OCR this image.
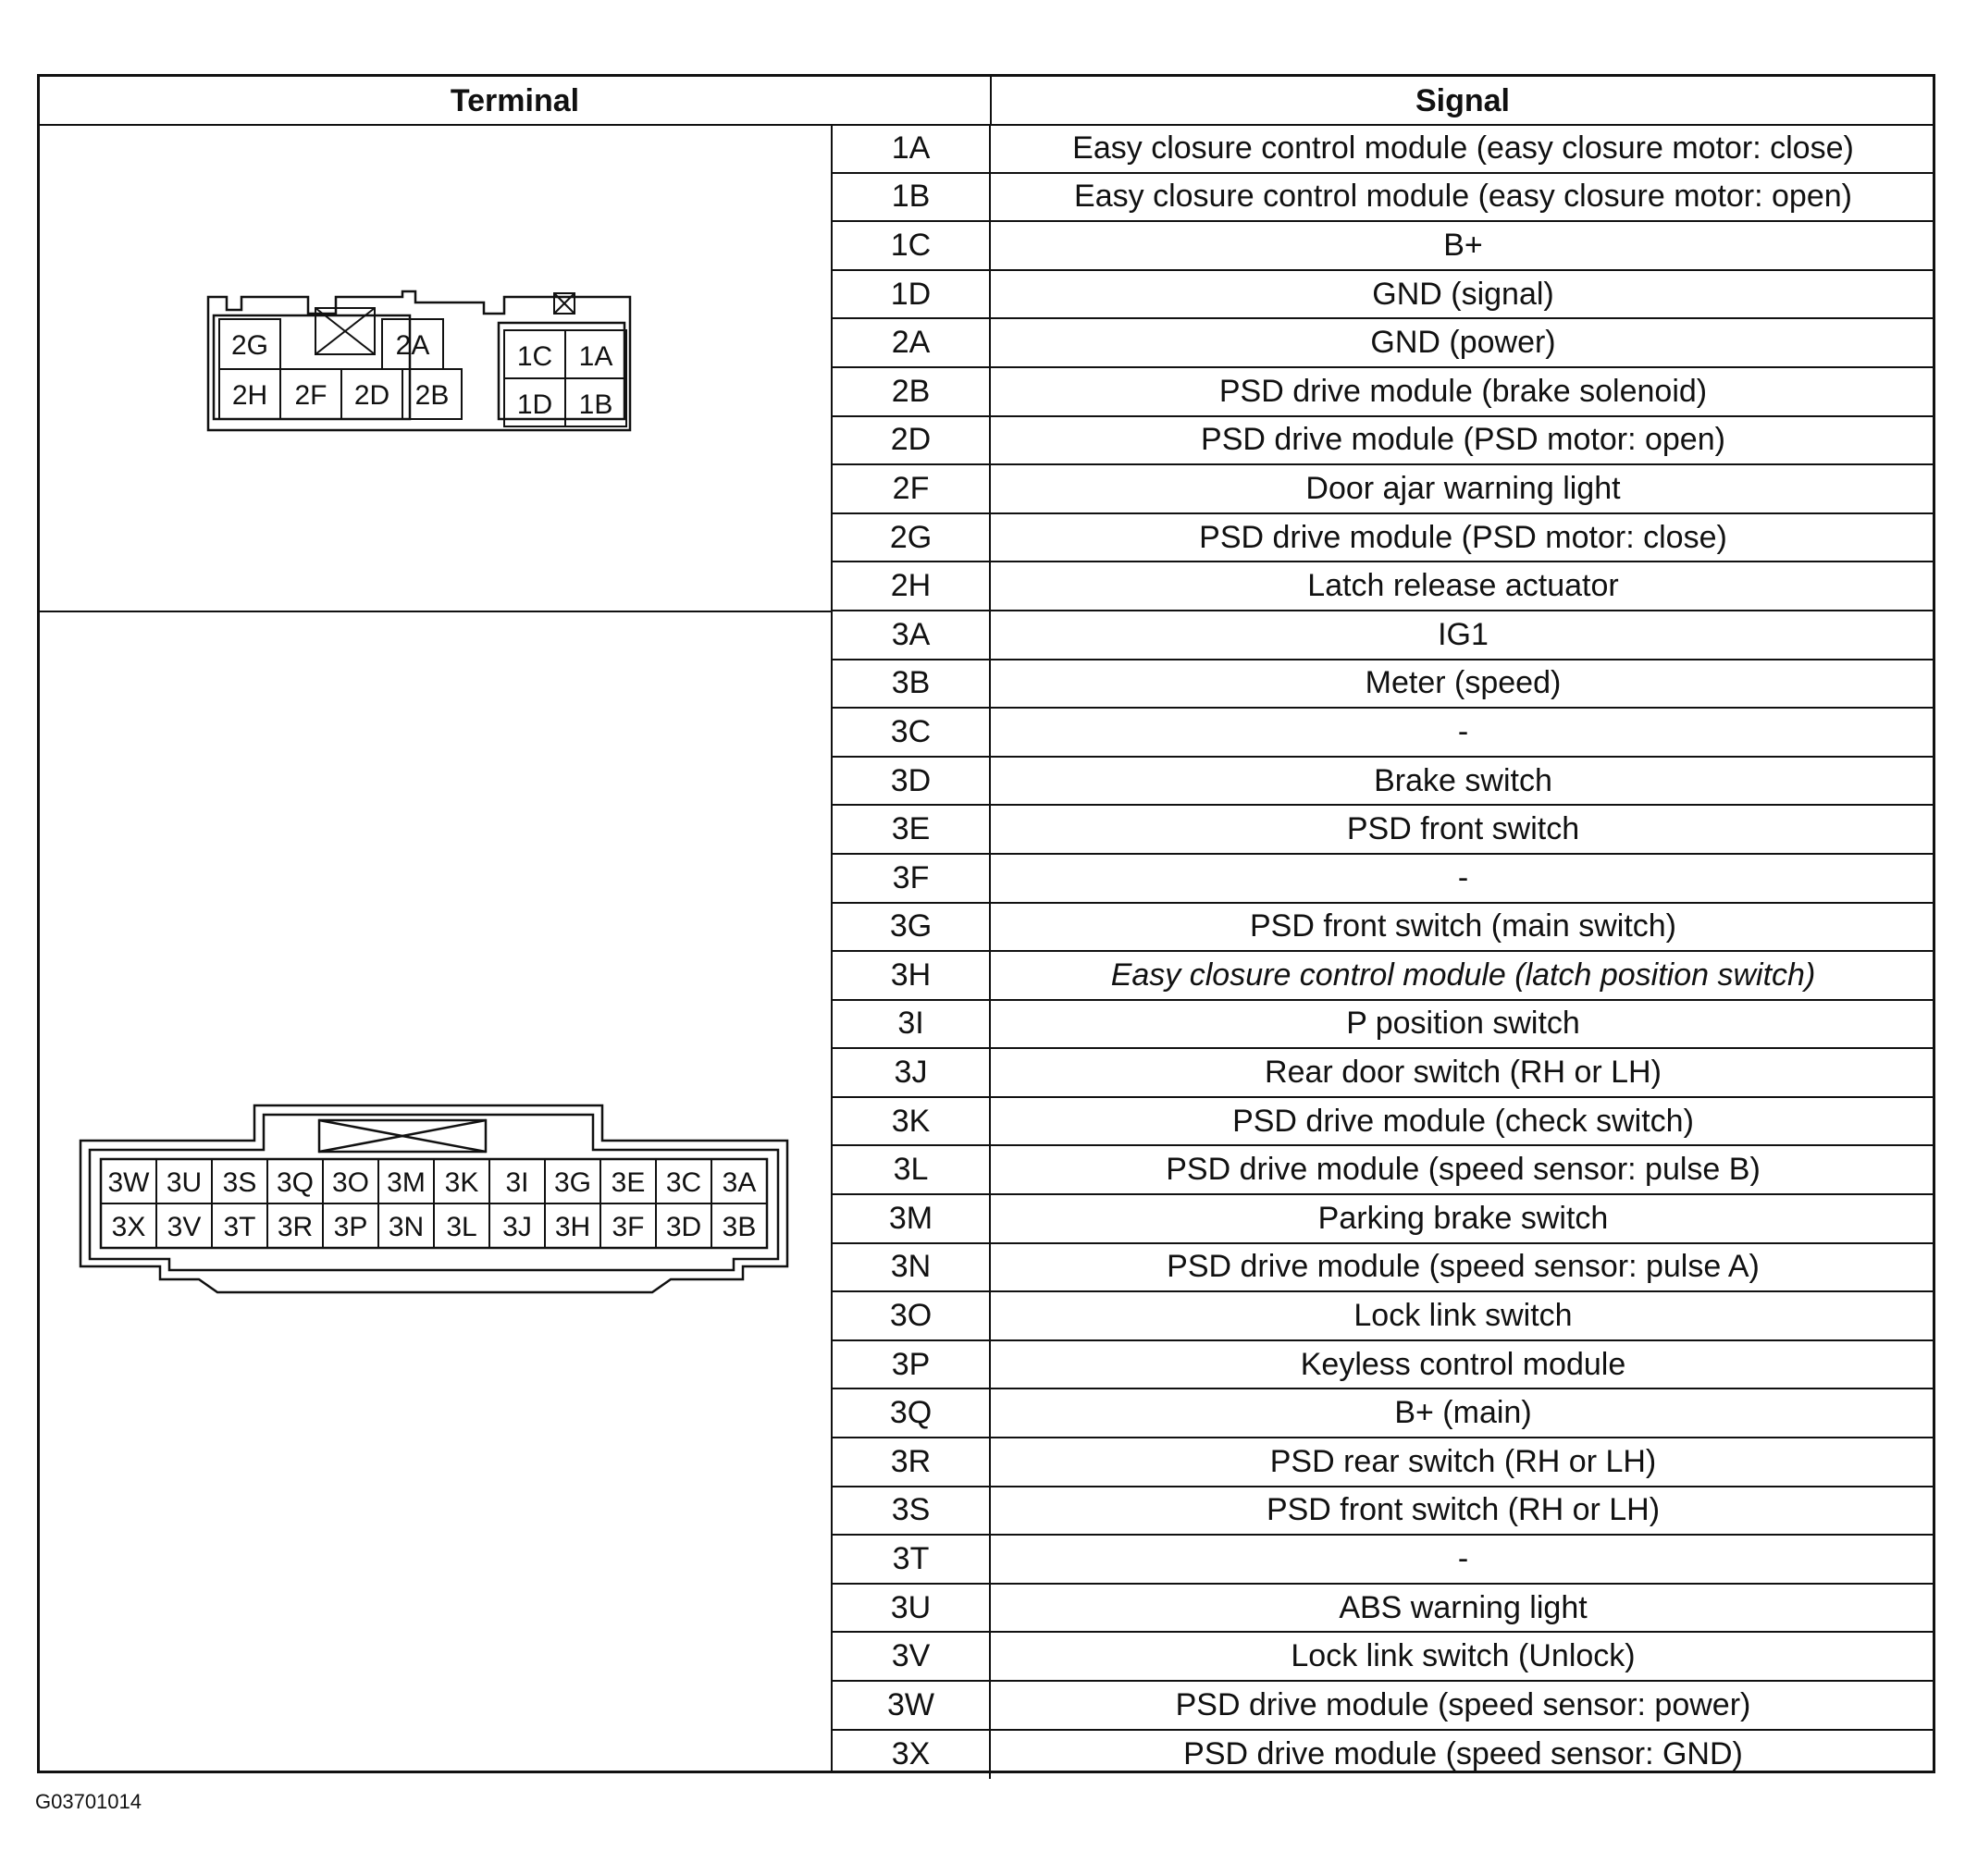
Terminal	Signal
2G	2A
2H 2F 2D 2B
1C 1A
1D 1B
3W 3U 3S 3Q 3O 3M 3K 3I 3G 3E 3C 3A
3X 3V 3T 3R 3P 3N 3L 3J 3H 3F 3D 3B
1A	Easy closure control module (easy closure motor: close)
1B	Easy closure control module (easy closure motor: open)
1C	B+
1D	GND (signal)
2A	GND (power)
2B	PSD drive module (brake solenoid)
2D	PSD drive module (PSD motor: open)
2F	Door ajar warning light
2G	PSD drive module (PSD motor: close)
2H	Latch release actuator
3A	IG1
3B	Meter (speed)
3C	-
3D	Brake switch
3E	PSD front switch
3F	-
3G	PSD front switch (main switch)
3H	Easy closure control module (latch position switch)
3I	P position switch
3J	Rear door switch (RH or LH)
3K	PSD drive module (check switch)
3L	PSD drive module (speed sensor: pulse B)
3M	Parking brake switch
3N	PSD drive module (speed sensor: pulse A)
3O	Lock link switch
3P	Keyless control module
3Q	B+ (main)
3R	PSD rear switch (RH or LH)
3S	PSD front switch (RH or LH)
3T	-
3U	ABS warning light
3V	Lock link switch (Unlock)
3W	PSD drive module (speed sensor: power)
3X	PSD drive module (speed sensor: GND)
G03701014
